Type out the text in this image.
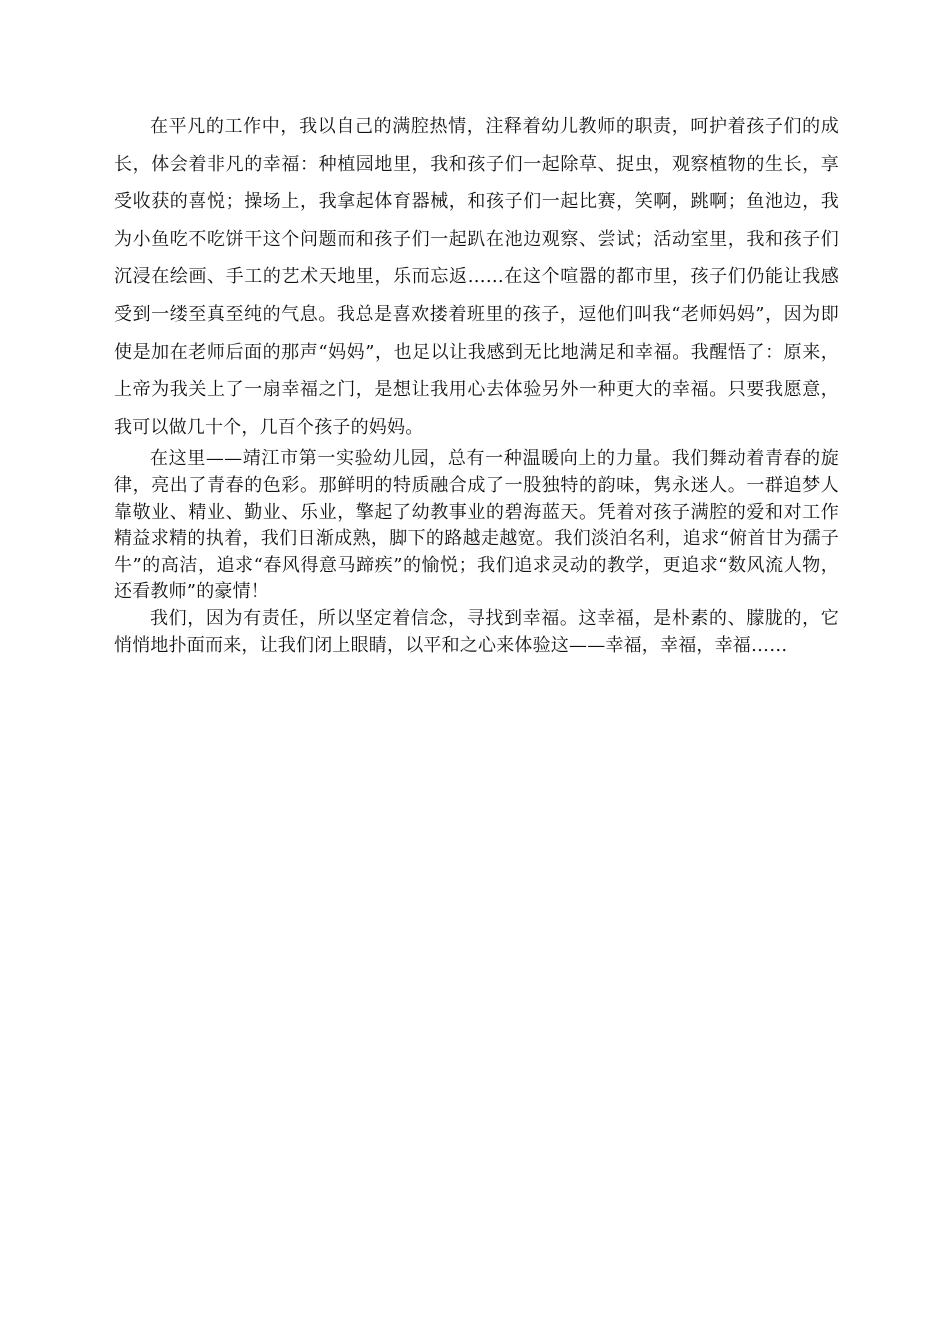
在平凡的工作中，我以自己的满腔热情，注释着幼儿教师的职责，呵护着孩子们的成长，体会着非凡的幸福：种植园地里，我和孩子们一起除草、捉虫，观察植物的生长，享受收获的喜悦；操场上，我拿起体育器械，和孩子们一起比赛，笑啊，跳啊；鱼池边，我为小鱼吃不吃饼干这个问题而和孩子们一起趴在池边观察、尝试；活动室里，我和孩子们沉浸在绘画、手工的艺术天地里，乐而忘返……在这个喧嚣的都市里，孩子们仍能让我感受到一缕至真至纯的气息。我总是喜欢搂着班里的孩子，逗他们叫我“老师妈妈”，因为即使是加在老师后面的那声“妈妈”，也足以让我感到无比地满足和幸福。我醒悟了：原来，上帝为我关上了一扇幸福之门，是想让我用心去体验另外一种更大的幸福。只要我愿意，我可以做几十个，几百个孩子的妈妈。

在这里——靖江市第一实验幼儿园，总有一种温暖向上的力量。我们舞动着青春的旋律，亮出了青春的色彩。那鲜明的特质融合成了一股独特的韵味，隽永迷人。一群追梦人靠敬业、精业、勤业、乐业，擎起了幼教事业的碧海蓝天。凭着对孩子满腔的爱和对工作精益求精的执着，我们日渐成熟，脚下的路越走越宽。我们淡泊名利，追求“俯首甘为孺子牛”的高洁，追求“春风得意马蹄疾”的愉悦；我们追求灵动的教学，更追求“数风流人物，还看教师”的豪情！

我们，因为有责任，所以坚定着信念，寻找到幸福。这幸福，是朴素的、朦胧的，它悄悄地扑面而来，让我们闭上眼睛，以平和之心来体验这——幸福，幸福，幸福……
